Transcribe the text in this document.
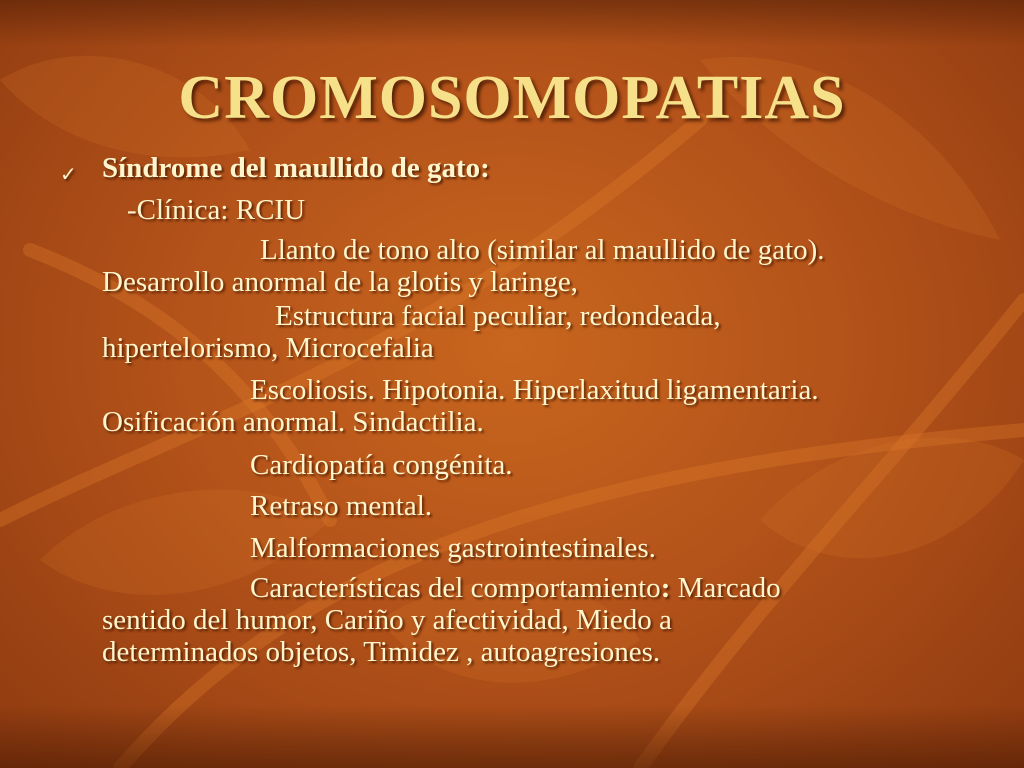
CROMOSOMOPATIAS
✓ Síndrome del maullido de gato:
-Clínica: RCIU
Llanto de tono alto (similar al maullido de gato).
Desarrollo anormal de la glotis y laringe,
Estructura facial peculiar, redondeada,
hipertelorismo, Microcefalia
Escoliosis. Hipotonia. Hiperlaxitud ligamentaria.
Osificación anormal. Sindactilia.
Cardiopatía congénita.
Retraso mental.
Malformaciones gastrointestinales.
Características del comportamiento: Marcado
sentido del humor, Cariño y afectividad, Miedo a
determinados objetos, Timidez , autoagresiones.
